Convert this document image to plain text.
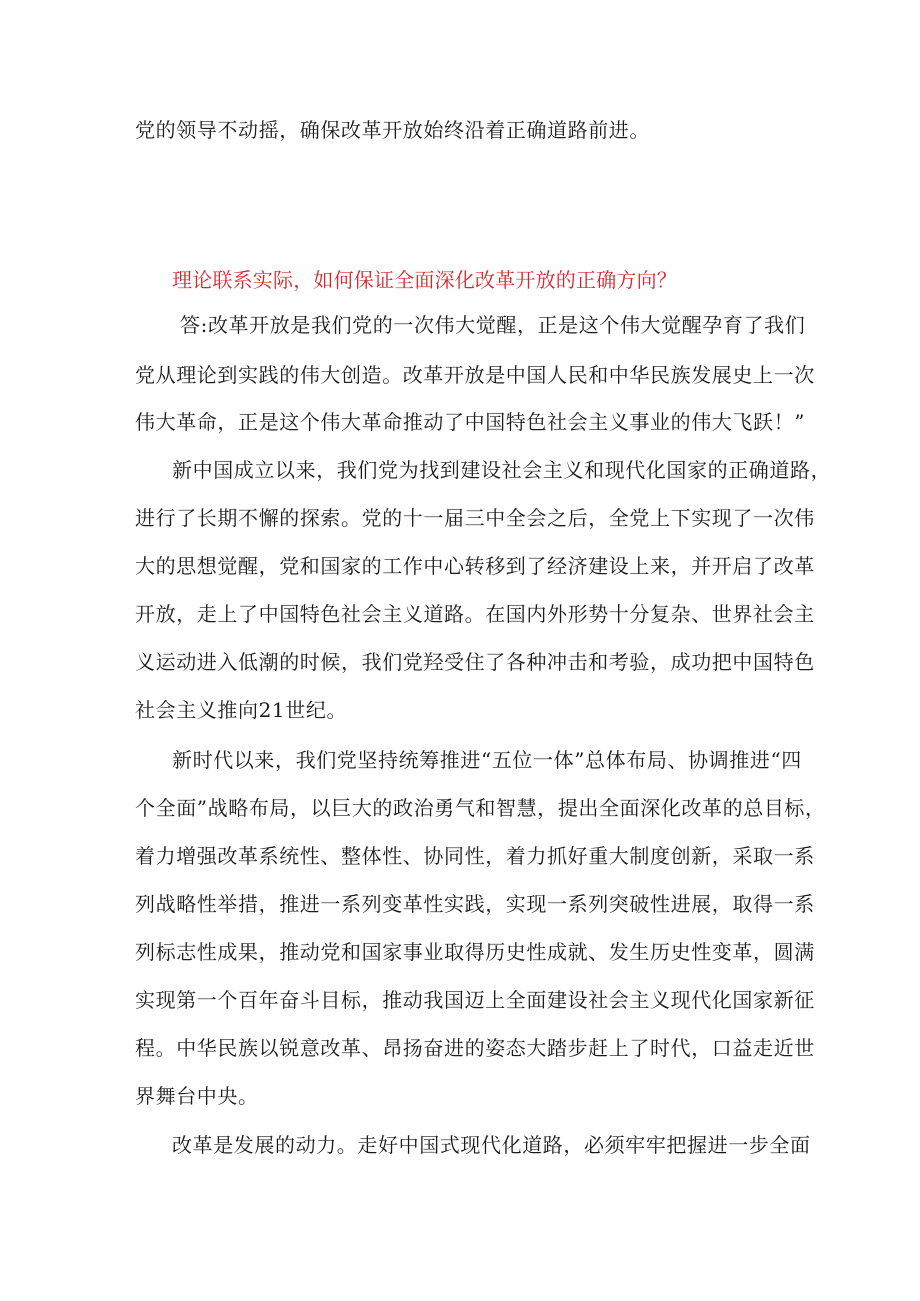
党的领导不动摇，确保改革开放始终沿着正确道路前进。
理论联系实际，如何保证全面深化改革开放的正确方向？
答:改革开放是我们党的一次伟大觉醒，正是这个伟大觉醒孕育了我们
党从理论到实践的伟大创造。改革开放是中国人民和中华民族发展史上一次
伟大革命，正是这个伟大革命推动了中国特色社会主义事业的伟大飞跃！”
新中国成立以来，我们党为找到建设社会主义和现代化国家的正确道路，
进行了长期不懈的探索。党的十一届三中全会之后，全党上下实现了一次伟
大的思想觉醒，党和国家的工作中心转移到了经济建设上来，并开启了改革
开放，走上了中国特色社会主义道路。在国内外形势十分复杂、世界社会主
义运动进入低潮的时候，我们党羟受住了各种冲击和考验，成功把中国特色
社会主义推向21世纪。
新时代以来，我们党坚持统筹推进“五位一体”总体布局、协调推进“四
个全面”战略布局，以巨大的政治勇气和智慧，提出全面深化改革的总目标，
着力增强改革系统性、整体性、协同性，着力抓好重大制度创新，采取一系
列战略性举措，推进一系列变革性实践，实现一系列突破性进展，取得一系
列标志性成果，推动党和国家事业取得历史性成就、发生历史性变革，圆满
实现第一个百年奋斗目标，推动我国迈上全面建设社会主义现代化国家新征
程。中华民族以锐意改革、昂扬奋进的姿态大踏步赶上了时代，口益走近世
界舞台中央。
改革是发展的动力。走好中国式现代化道路，必须牢牢把握进一步全面
